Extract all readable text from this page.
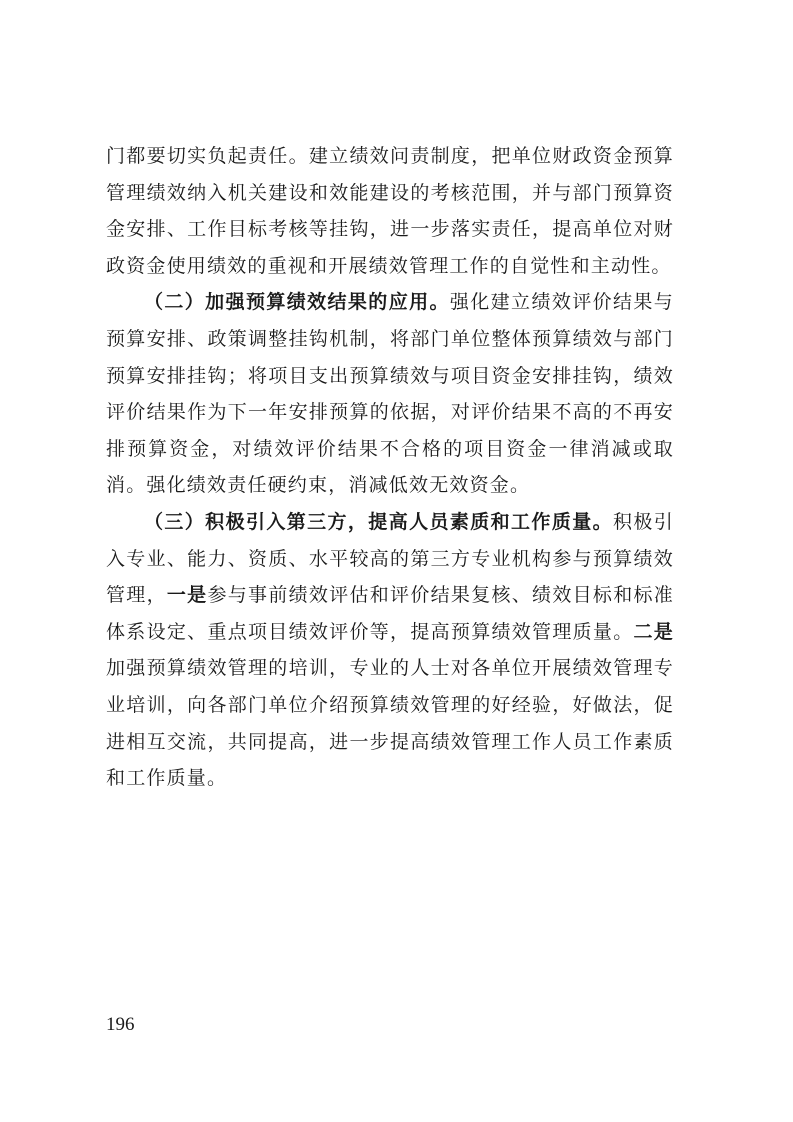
门都要切实负起责任。建立绩效问责制度，把单位财政资金预算管理绩效纳入机关建设和效能建设的考核范围，并与部门预算资金安排、工作目标考核等挂钩，进一步落实责任，提高单位对财政资金使用绩效的重视和开展绩效管理工作的自觉性和主动性。

（二）加强预算绩效结果的应用。强化建立绩效评价结果与预算安排、政策调整挂钩机制，将部门单位整体预算绩效与部门预算安排挂钩；将项目支出预算绩效与项目资金安排挂钩，绩效评价结果作为下一年安排预算的依据，对评价结果不高的不再安排预算资金，对绩效评价结果不合格的项目资金一律消减或取消。强化绩效责任硬约束，消减低效无效资金。

（三）积极引入第三方，提高人员素质和工作质量。积极引入专业、能力、资质、水平较高的第三方专业机构参与预算绩效管理，一是参与事前绩效评估和评价结果复核、绩效目标和标准体系设定、重点项目绩效评价等，提高预算绩效管理质量。二是加强预算绩效管理的培训，专业的人士对各单位开展绩效管理专业培训，向各部门单位介绍预算绩效管理的好经验，好做法，促进相互交流，共同提高，进一步提高绩效管理工作人员工作素质和工作质量。

196
